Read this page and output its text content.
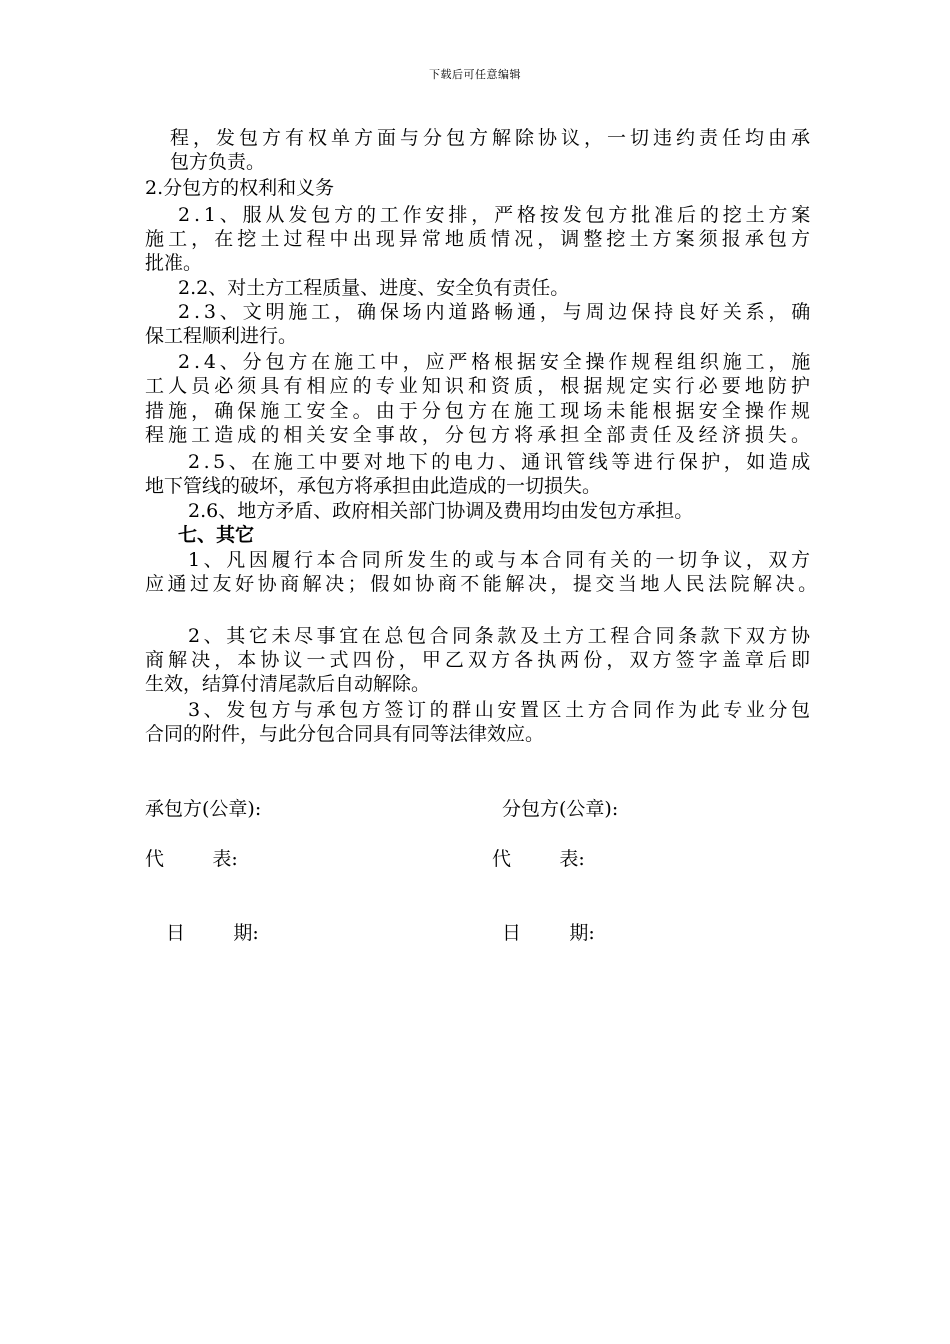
下载后可任意编辑
程，发包方有权单方面与分包方解除协议，一切违约责任均由承
包方负责。
2.分包方的权利和义务
2.1、服从发包方的工作安排，严格按发包方批准后的挖土方案
施工，在挖土过程中出现异常地质情况，调整挖土方案须报承包方
批准。
2.2、对土方工程质量、进度、安全负有责任。
2.3、文明施工，确保场内道路畅通，与周边保持良好关系，确
保工程顺利进行。
2.4、分包方在施工中，应严格根据安全操作规程组织施工，施
工人员必须具有相应的专业知识和资质，根据规定实行必要地防护
措施，确保施工安全。由于分包方在施工现场未能根据安全操作规
程施工造成的相关安全事故，分包方将承担全部责任及经济损失。
2.5、在施工中要对地下的电力、通讯管线等进行保护，如造成
地下管线的破坏，承包方将承担由此造成的一切损失。
2.6、地方矛盾、政府相关部门协调及费用均由发包方承担。
七、其它
1、凡因履行本合同所发生的或与本合同有关的一切争议，双方
应通过友好协商解决；假如协商不能解决，提交当地人民法院解决。
2、其它未尽事宜在总包合同条款及土方工程合同条款下双方协
商解决，本协议一式四份，甲乙双方各执两份，双方签字盖章后即
生效，结算付清尾款后自动解除。
3、发包方与承包方签订的群山安置区土方合同作为此专业分包
合同的附件，与此分包合同具有同等法律效应。
承包方(公章):	分包方(公章):
代        表:	代        表:
日        期:	日        期:
